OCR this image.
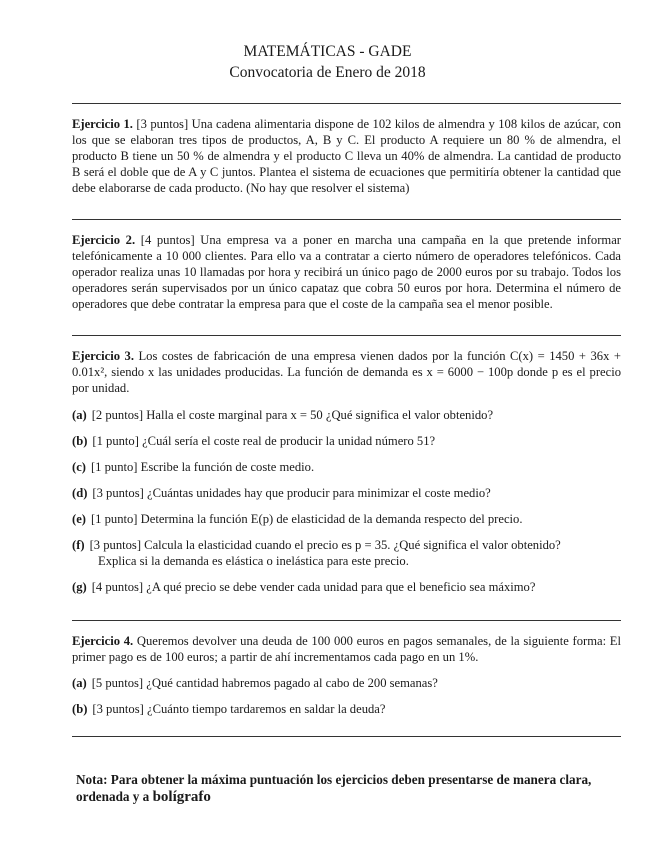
MATEMÁTICAS - GADE
Convocatoria de Enero de 2018
Ejercicio 1. [3 puntos] Una cadena alimentaria dispone de 102 kilos de almendra y 108 kilos de azúcar, con los que se elaboran tres tipos de productos, A, B y C. El producto A requiere un 80 % de almendra, el producto B tiene un 50 % de almendra y el producto C lleva un 40% de almendra. La cantidad de producto B será el doble que de A y C juntos. Plantea el sistema de ecuaciones que permitiría obtener la cantidad que debe elaborarse de cada producto. (No hay que resolver el sistema)
Ejercicio 2. [4 puntos] Una empresa va a poner en marcha una campaña en la que pretende informar telefónicamente a 10 000 clientes. Para ello va a contratar a cierto número de operadores telefónicos. Cada operador realiza unas 10 llamadas por hora y recibirá un único pago de 2000 euros por su trabajo. Todos los operadores serán supervisados por un único capataz que cobra 50 euros por hora. Determina el número de operadores que debe contratar la empresa para que el coste de la campaña sea el menor posible.
Ejercicio 3. Los costes de fabricación de una empresa vienen dados por la función C(x) = 1450 + 36x + 0.01x², siendo x las unidades producidas. La función de demanda es x = 6000 − 100p donde p es el precio por unidad.
(a) [2 puntos] Halla el coste marginal para x = 50 ¿Qué significa el valor obtenido?
(b) [1 punto] ¿Cuál sería el coste real de producir la unidad número 51?
(c) [1 punto] Escribe la función de coste medio.
(d) [3 puntos] ¿Cuántas unidades hay que producir para minimizar el coste medio?
(e) [1 punto] Determina la función E(p) de elasticidad de la demanda respecto del precio.
(f) [3 puntos] Calcula la elasticidad cuando el precio es p = 35. ¿Qué significa el valor obtenido?
Explica si la demanda es elástica o inelástica para este precio.
(g) [4 puntos] ¿A qué precio se debe vender cada unidad para que el beneficio sea máximo?
Ejercicio 4. Queremos devolver una deuda de 100 000 euros en pagos semanales, de la siguiente forma: El primer pago es de 100 euros; a partir de ahí incrementamos cada pago en un 1%.
(a) [5 puntos] ¿Qué cantidad habremos pagado al cabo de 200 semanas?
(b) [3 puntos] ¿Cuánto tiempo tardaremos en saldar la deuda?
Nota: Para obtener la máxima puntuación los ejercicios deben presentarse de manera clara, ordenada y a bolígrafo
